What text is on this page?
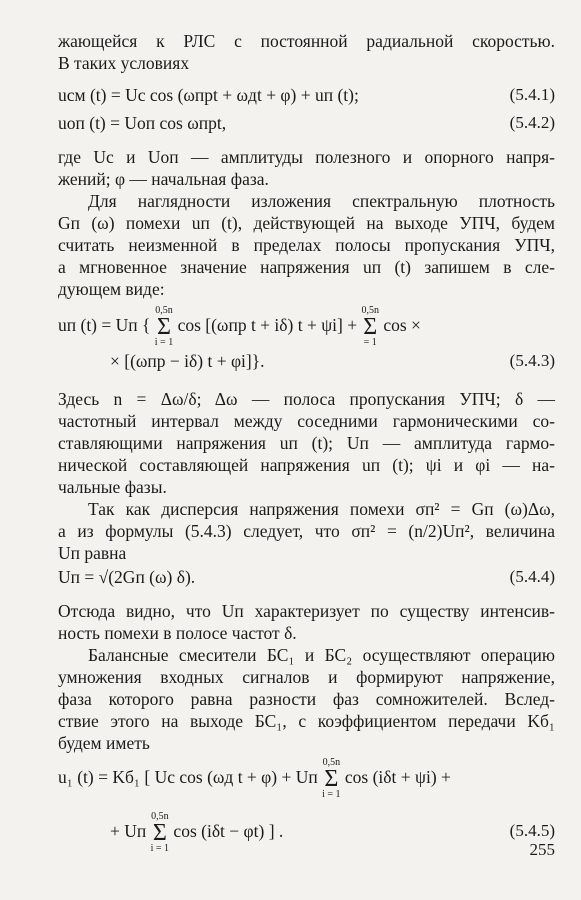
жающейся к РЛС с постоянной радиальной скоростью.
В таких условиях
uсм (t) = Uс cos (ωпрt + ωдt + φ) + uп (t);	(5.4.1)
uоп (t) = Uоп cos ωпрt,	(5.4.2)
где Uс и Uоп — амплитуды полезного и опорного напря-
жений; φ — начальная фаза.
Для наглядности изложения спектральную плотность
Gп (ω) помехи uп (t), действующей на выходе УПЧ, будем
считать неизменной в пределах полосы пропускания УПЧ,
а мгновенное значение напряжения uп (t) запишем в сле-
дующем виде:
uп (t) = Uп {
0,5n
Σ
i = 1
cos [(ωпр t + iδ) t + ψi] +
0,5n
Σ
= 1
cos ×
× [(ωпр − iδ) t + φi]}.	(5.4.3)
Здесь n = Δω/δ; Δω — полоса пропускания УПЧ; δ —
частотный интервал между соседними гармоническими со-
ставляющими напряжения uп (t); Uп — амплитуда гармо-
нической составляющей напряжения uп (t); ψi и φi — на-
чальные фазы.
Так как дисперсия напряжения помехи σп² = Gп (ω)Δω,
а из формулы (5.4.3) следует, что σп² = (n/2)Uп², величина
Uп равна
Uп = √(2Gп (ω) δ).	(5.4.4)
Отсюда видно, что Uп характеризует по существу интенсив-
ность помехи в полосе частот δ.
Балансные смесители БС₁ и БС₂ осуществляют операцию
умножения входных сигналов и формируют напряжение,
фаза которого равна разности фаз сомножителей. Вслед-
ствие этого на выходе БС₁, с коэффициентом передачи Kб₁
будем иметь
u₁ (t) = Kб₁ [ Uc cos (ωд t + φ) + Uп
0,5n
Σ
i = 1
cos (iδt + ψi) +
+ Uп
0,5n
Σ
i = 1
cos (iδt − φt) ] .	(5.4.5)
255
